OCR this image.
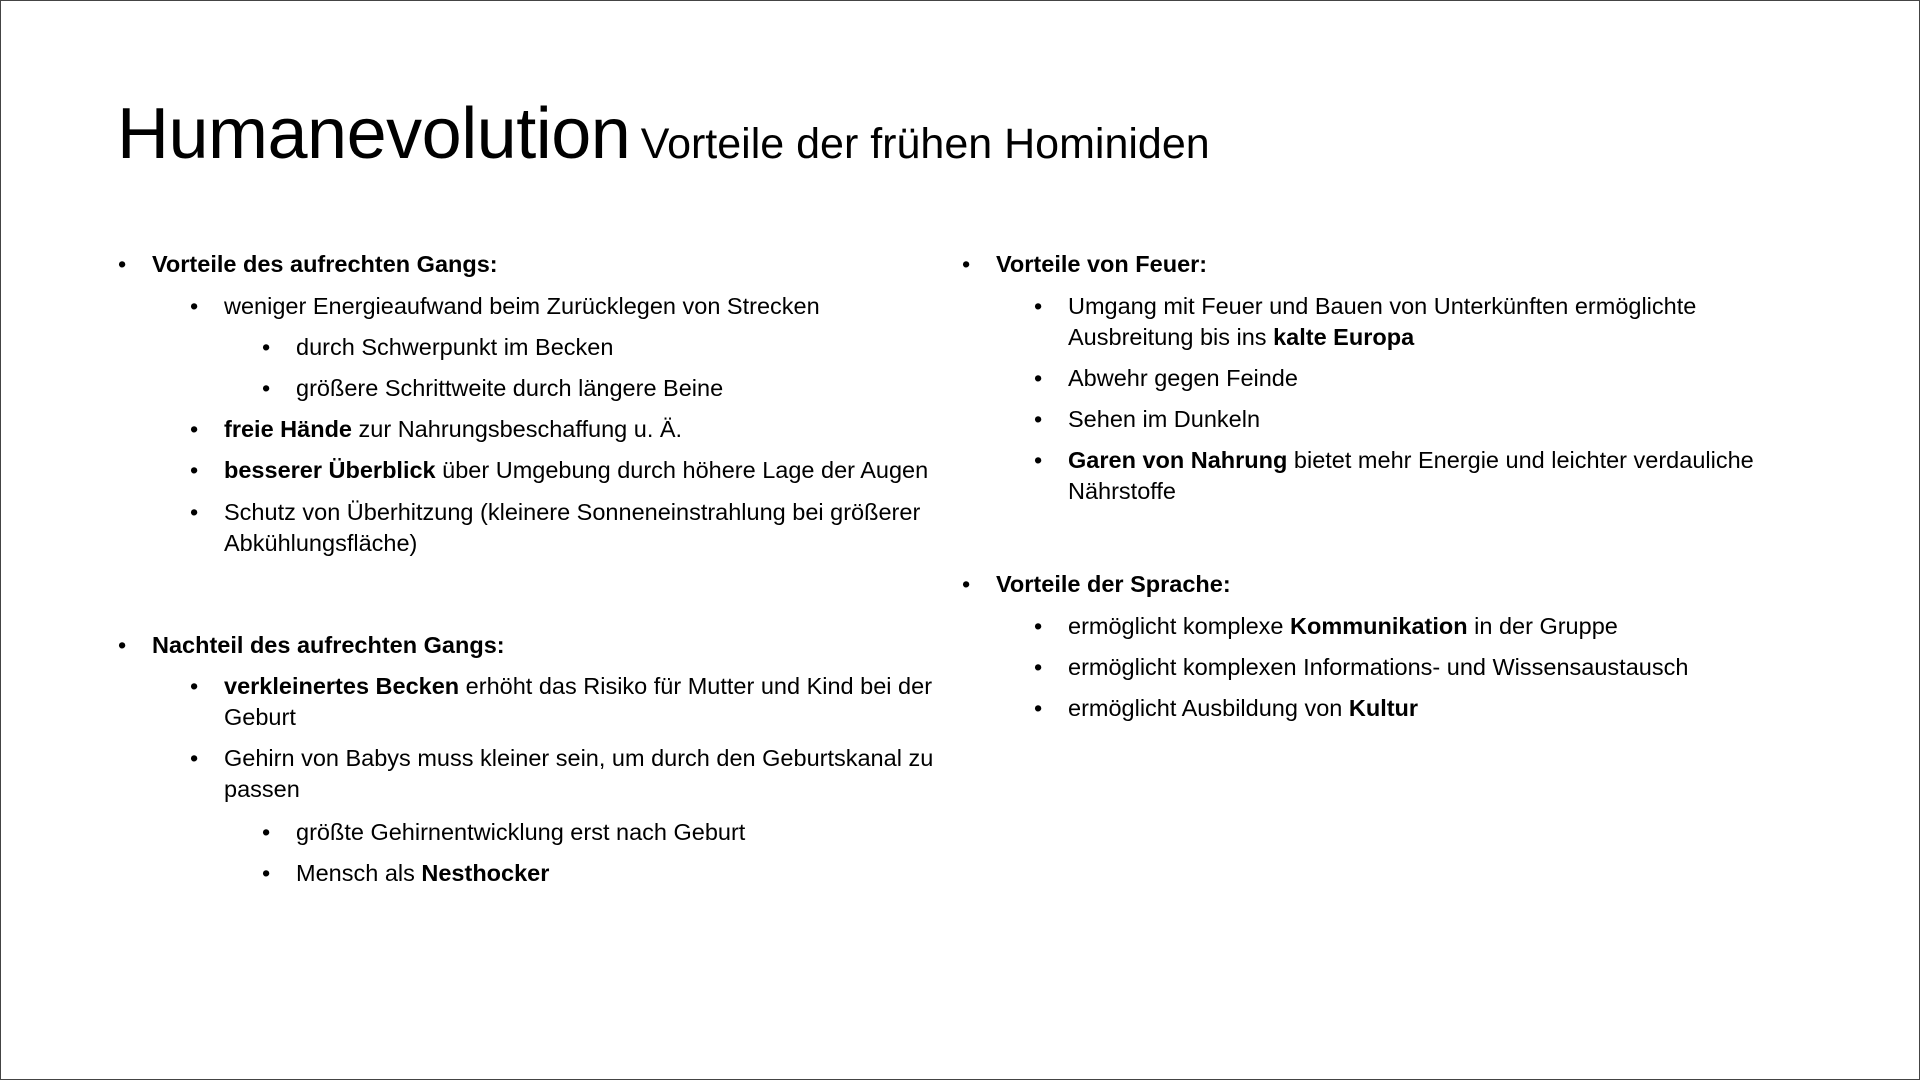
Humanevolution Vorteile der frühen Hominiden
•	Vorteile des aufrechten Gangs:
•	weniger Energieaufwand beim Zurücklegen von Strecken
•	durch Schwerpunkt im Becken
•	größere Schrittweite durch längere Beine
•	freie Hände zur Nahrungsbeschaffung u. Ä.
•	besserer Überblick über Umgebung durch höhere Lage der Augen
•	Schutz von Überhitzung (kleinere Sonneneinstrahlung bei größerer
Abkühlungsfläche)
•	Nachteil des aufrechten Gangs:
•	verkleinertes Becken erhöht das Risiko für Mutter und Kind bei der
Geburt
•	Gehirn von Babys muss kleiner sein, um durch den Geburtskanal zu
passen
•	größte Gehirnentwicklung erst nach Geburt
•	Mensch als Nesthocker
•	Vorteile von Feuer:
•	Umgang mit Feuer und Bauen von Unterkünften ermöglichte
Ausbreitung bis ins kalte Europa
•	Abwehr gegen Feinde
•	Sehen im Dunkeln
•	Garen von Nahrung bietet mehr Energie und leichter verdauliche
Nährstoffe
•	Vorteile der Sprache:
•	ermöglicht komplexe Kommunikation in der Gruppe
•	ermöglicht komplexen Informations- und Wissensaustausch
•	ermöglicht Ausbildung von Kultur
